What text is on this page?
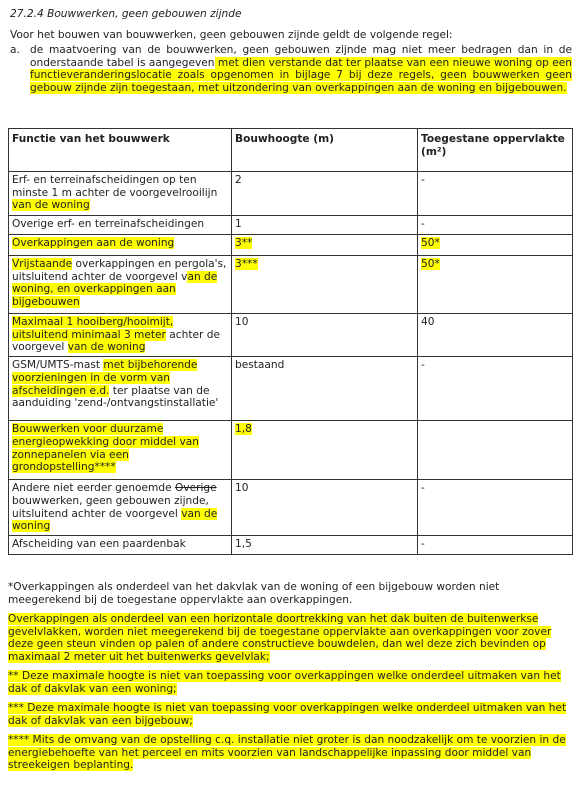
27.2.4 Bouwwerken, geen gebouwen zijnde
Voor het bouwen van bouwwerken, geen gebouwen zijnde geldt de volgende regel:
a. de maatvoering van de bouwwerken, geen gebouwen zijnde mag niet meer bedragen dan in de onderstaande tabel is aangegeven met dien verstande dat ter plaatse van een nieuwe woning op een functieveranderingslocatie zoals opgenomen in bijlage 7 bij deze regels, geen bouwwerken geen gebouw zijnde zijn toegestaan, met uitzondering van overkappingen aan de woning en bijgebouwen.
Functie van het bouwwerk	Bouwhoogte (m)	Toegestane oppervlakte (m²)
Erf- en terreinafscheidingen op ten minste 1 m achter de voorgevelrooilijn van de woning	2	-
Overige erf- en terreinafscheidingen	1	-
Overkappingen aan de woning	3**	50*
Vrijstaande overkappingen en pergola's, uitsluitend achter de voorgevel van de woning, en overkappingen aan bijgebouwen	3***	50*
Maximaal 1 hooiberg/hooimijt, uitsluitend minimaal 3 meter achter de voorgevel van de woning	10	40
GSM/UMTS-mast met bijbehorende voorzieningen in de vorm van afscheidingen e.d. ter plaatse van de aanduiding 'zend-/ontvangstinstallatie'	bestaand	-
Bouwwerken voor duurzame energieopwekking door middel van zonnepanelen via een grondopstelling****	1,8	
Andere niet eerder genoemde Overige bouwwerken, geen gebouwen zijnde, uitsluitend achter de voorgevel van de woning	10	-
Afscheiding van een paardenbak	1,5	-

*Overkappingen als onderdeel van het dakvlak van de woning of een bijgebouw worden niet meegerekend bij de toegestane oppervlakte aan overkappingen.

Overkappingen als onderdeel van een horizontale doortrekking van het dak buiten de buitenwerkse gevelvlakken, worden niet meegerekend bij de toegestane oppervlakte aan overkappingen voor zover deze geen steun vinden op palen of andere constructieve bouwdelen, dan wel deze zich bevinden op maximaal 2 meter uit het buitenwerks gevelvlak;

** Deze maximale hoogte is niet van toepassing voor overkappingen welke onderdeel uitmaken van het dak of dakvlak van een woning;

*** Deze maximale hoogte is niet van toepassing voor overkappingen welke onderdeel uitmaken van het dak of dakvlak van een bijgebouw;

**** Mits de omvang van de opstelling c.q. installatie niet groter is dan noodzakelijk om te voorzien in de energiebehoefte van het perceel en mits voorzien van landschappelijke inpassing door middel van streekeigen beplanting.
